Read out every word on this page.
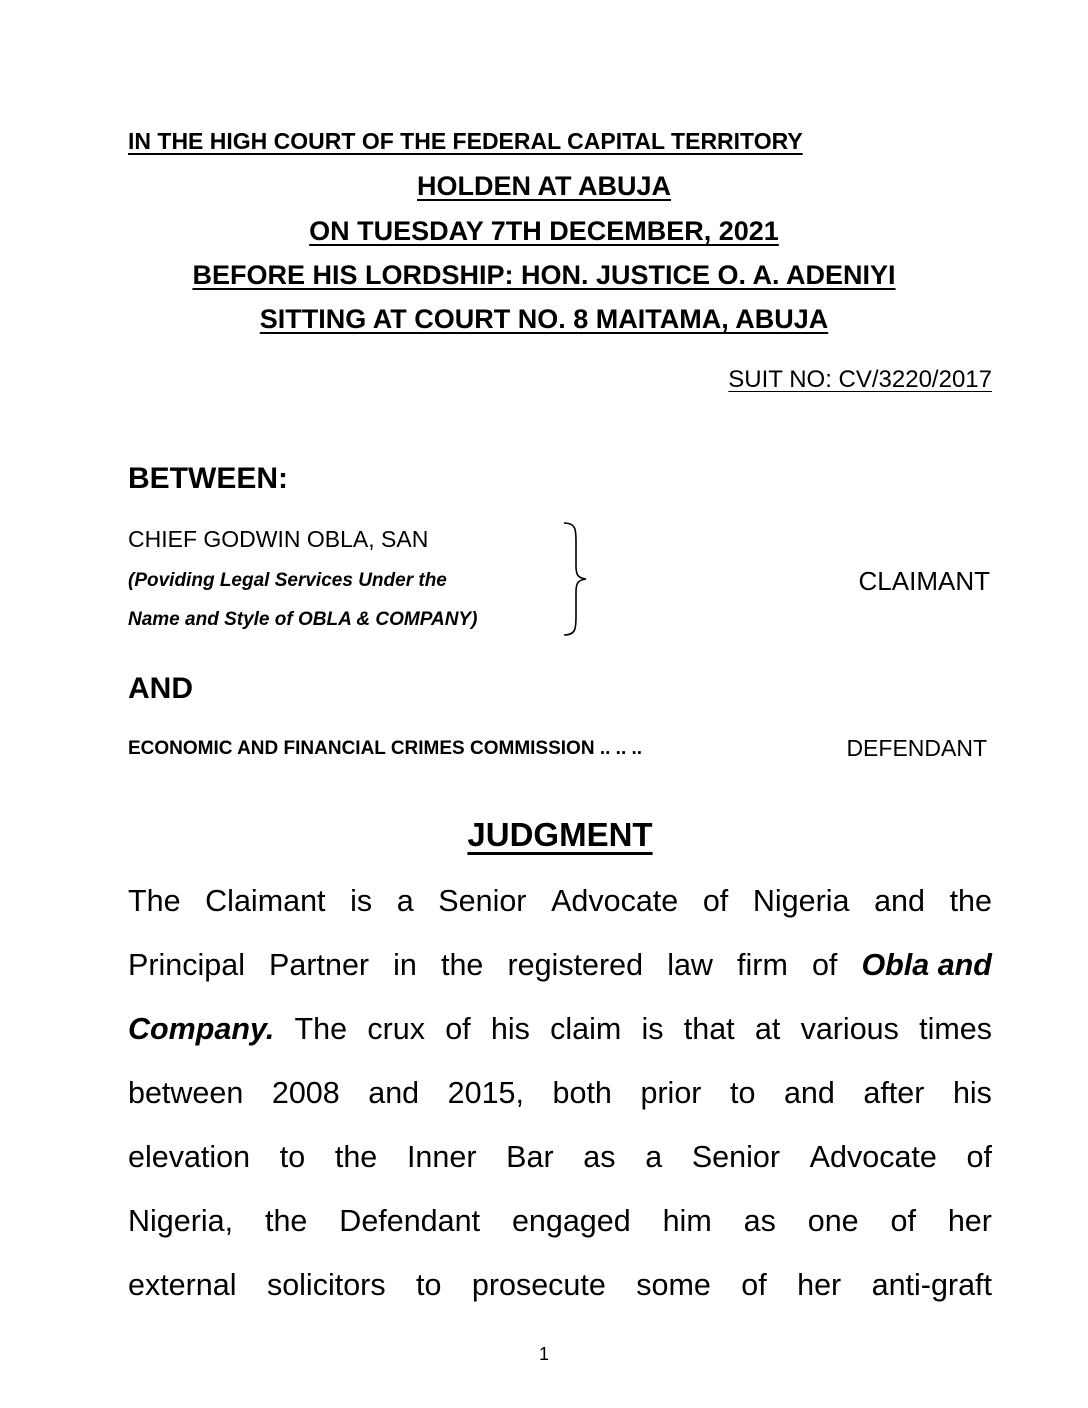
IN THE HIGH COURT OF THE FEDERAL CAPITAL TERRITORY
HOLDEN AT ABUJA
ON TUESDAY 7TH DECEMBER, 2021
BEFORE HIS LORDSHIP: HON. JUSTICE O. A. ADENIYI
SITTING AT COURT NO. 8 MAITAMA, ABUJA
SUIT NO: CV/3220/2017
BETWEEN:
CHIEF GODWIN OBLA, SAN
(Poviding Legal Services Under the
Name and Style of OBLA & COMPANY)
CLAIMANT
AND
ECONOMIC AND FINANCIAL CRIMES COMMISSION .. .. ..	DEFENDANT
JUDGMENT
The Claimant is a Senior Advocate of Nigeria and the
Principal Partner in the registered law firm of Obla and
Company. The crux of his claim is that at various times
between 2008 and 2015, both prior to and after his
elevation to the Inner Bar as a Senior Advocate of
Nigeria, the Defendant engaged him as one of her
external solicitors to prosecute some of her anti-graft
1
